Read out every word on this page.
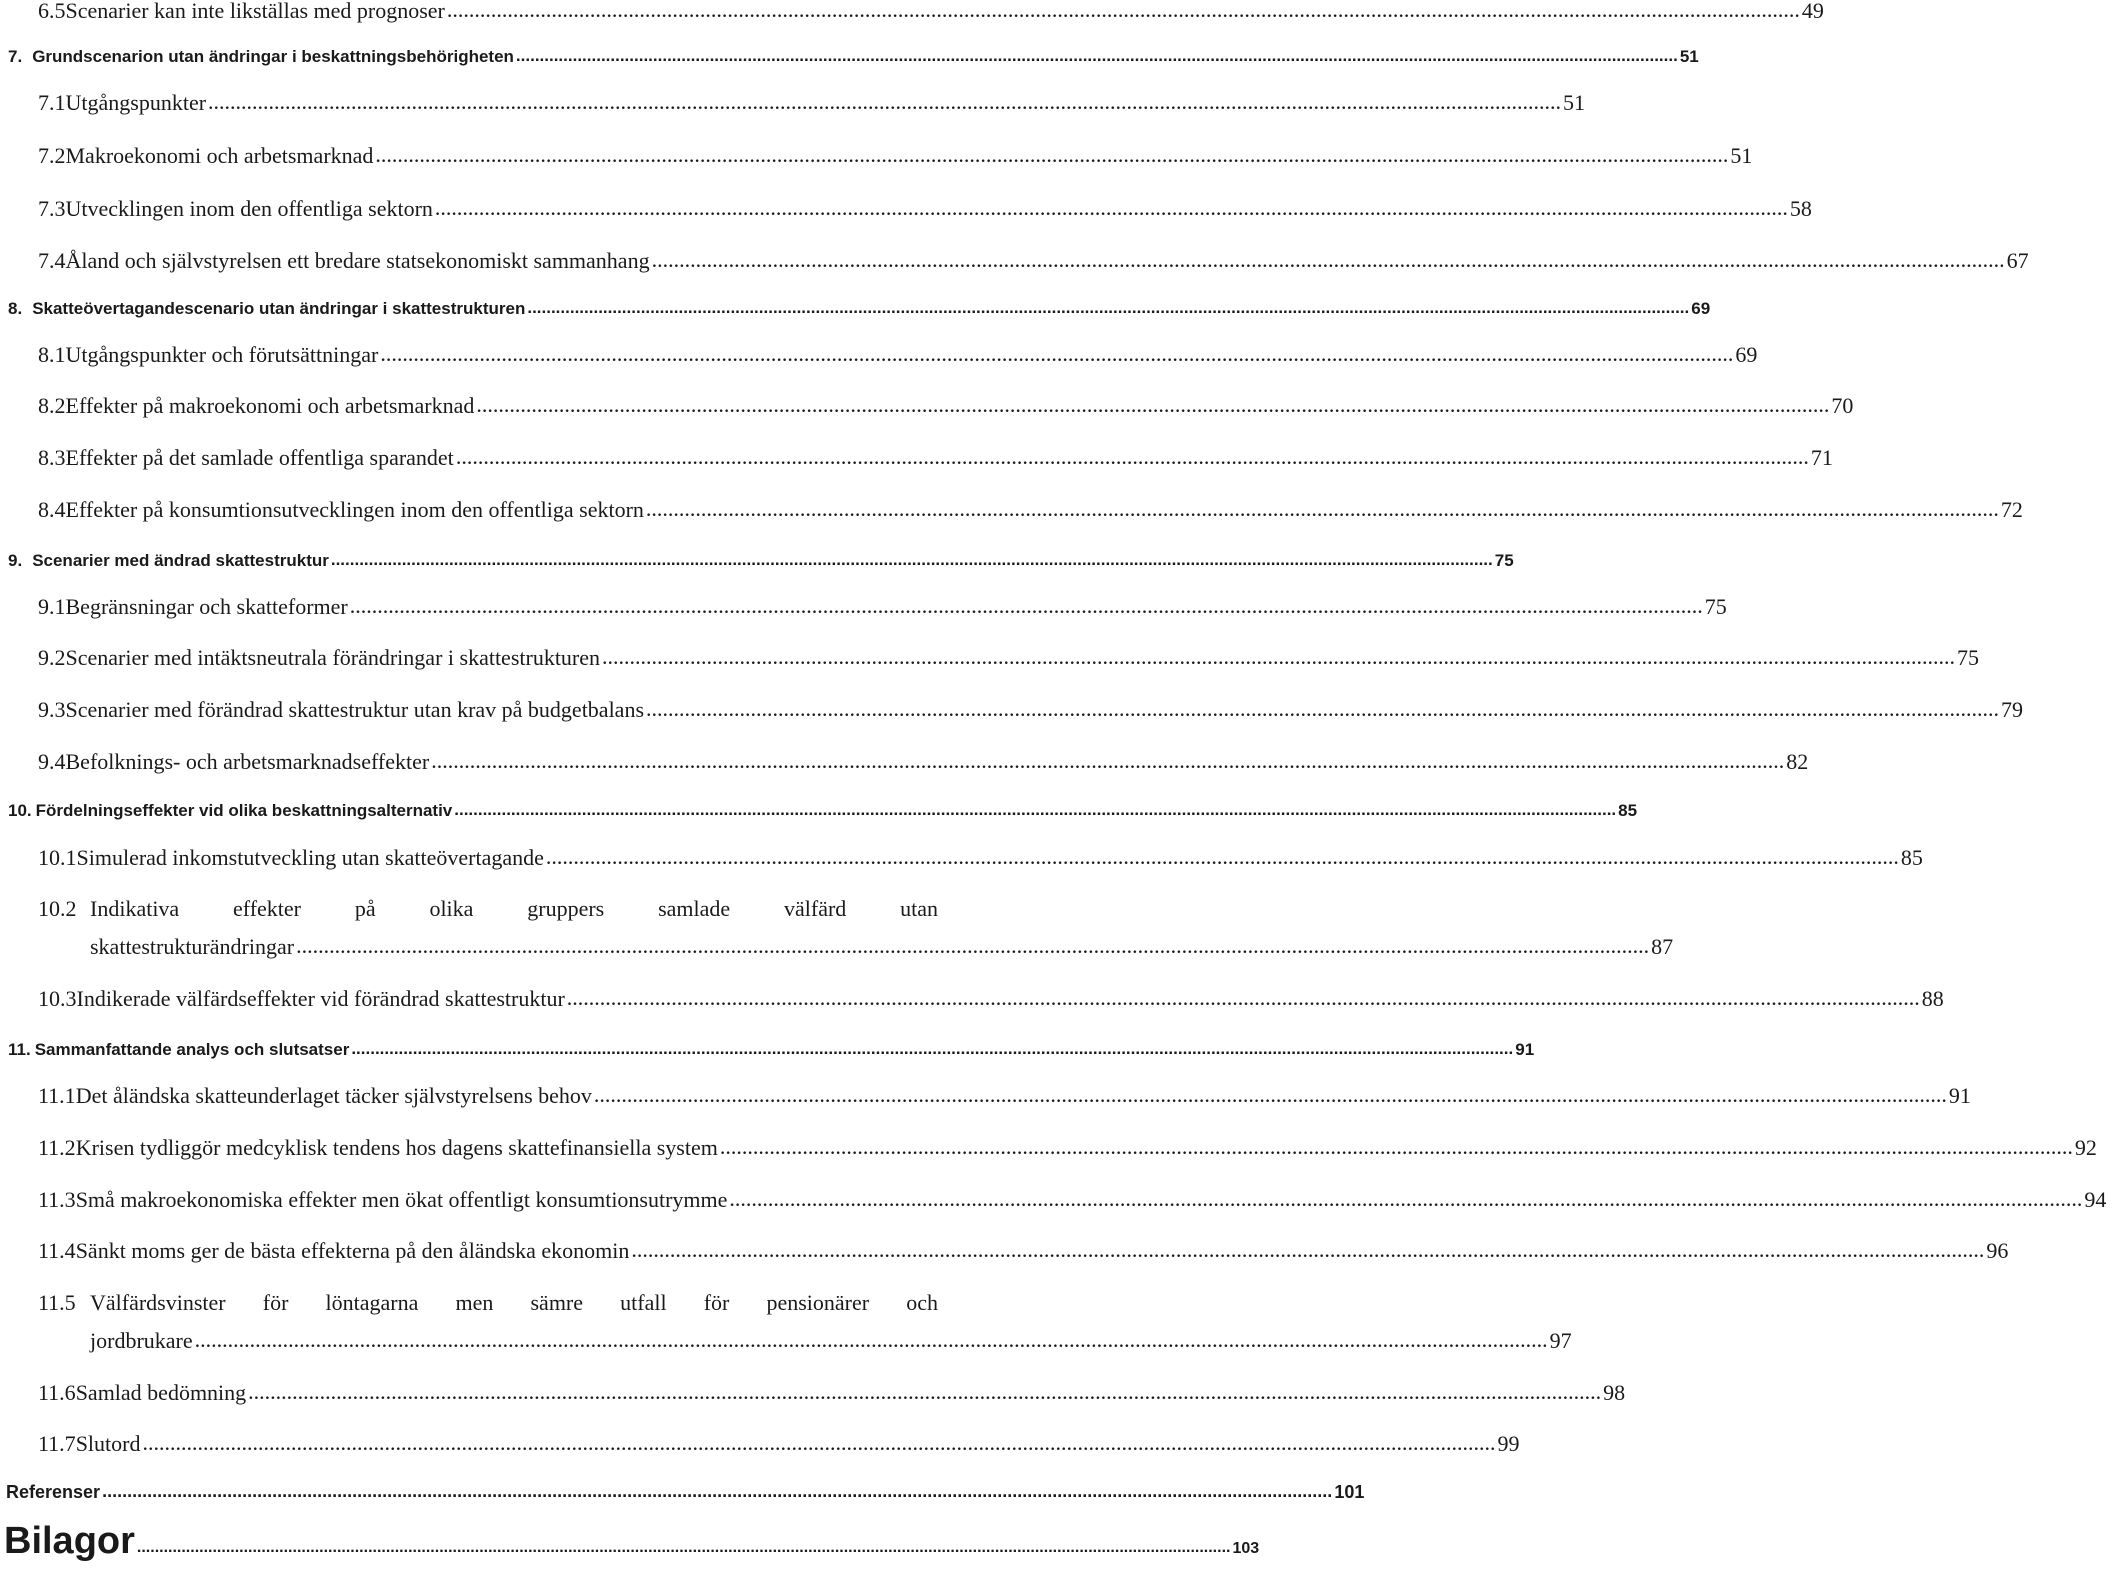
6.5 Scenarier kan inte likställas med prognoser .....	49
7. Grundscenarion utan ändringar i beskattningsbehörigheten .....	51
7.1 Utgångspunkter .....	51
7.2 Makroekonomi och arbetsmarknad .....	51
7.3 Utvecklingen inom den offentliga sektorn .....	58
7.4 Åland och självstyrelsen ett bredare statsekonomiskt sammanhang .....	67
8. Skatteövertagandescenario utan ändringar i skattestrukturen .....	69
8.1 Utgångspunkter och förutsättningar .....	69
8.2 Effekter på makroekonomi och arbetsmarknad .....	70
8.3 Effekter på det samlade offentliga sparandet .....	71
8.4 Effekter på konsumtionsutvecklingen inom den offentliga sektorn .....	72
9. Scenarier med ändrad skattestruktur .....	75
9.1 Begränsningar och skatteformer .....	75
9.2 Scenarier med intäktsneutrala förändringar i skattestrukturen .....	75
9.3 Scenarier med förändrad skattestruktur utan krav på budgetbalans .....	79
9.4 Befolknings- och arbetsmarknadseffekter .....	82
10. Fördelningseffekter vid olika beskattningsalternativ .....	85
10.1 Simulerad inkomstutveckling utan skatteövertagande .....	85
10.2 Indikativa effekter på olika gruppers samlade välfärd utan
skattestrukturändringar .....	87
10.3 Indikerade välfärdseffekter vid förändrad skattestruktur .....	88
11. Sammanfattande analys och slutsatser .....	91
11.1 Det åländska skatteunderlaget täcker självstyrelsens behov .....	91
11.2 Krisen tydliggör medcyklisk tendens hos dagens skattefinansiella system .....	92
11.3 Små makroekonomiska effekter men ökat offentligt konsumtionsutrymme .....	94
11.4 Sänkt moms ger de bästa effekterna på den åländska ekonomin .....	96
11.5 Välfärdsvinster för löntagarna men sämre utfall för pensionärer och
jordbrukare .....	97
11.6 Samlad bedömning .....	98
11.7 Slutord .....	99
Referenser .....	101
Bilagor .....	103
